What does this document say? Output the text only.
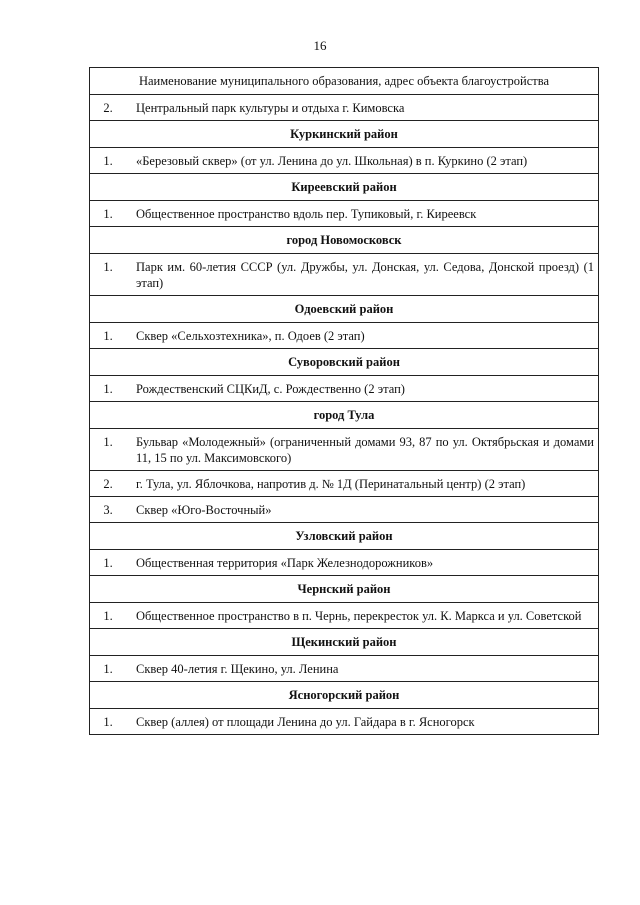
16
Наименование муниципального образования, адрес объекта благоустройства	
2.	Центральный парк культуры и отдыха г. Кимовска
Куркинский район	
1.	«Березовый сквер» (от ул. Ленина до ул. Школьная) в п. Куркино (2 этап)
Киреевский район	
1.	Общественное пространство вдоль пер. Тупиковый, г. Киреевск
город Новомосковск	
1.	Парк им. 60-летия СССР (ул. Дружбы, ул. Донская, ул. Седова, Донской проезд) (1 этап)
Одоевский район	
1.	Сквер «Сельхозтехника», п. Одоев (2 этап)
Суворовский район	
1.	Рождественский СЦКиД, с. Рождественно (2 этап)
город Тула	
1.	Бульвар «Молодежный» (ограниченный домами 93, 87 по ул. Октябрьская и домами 11, 15 по ул. Максимовского)
2.	г. Тула, ул. Яблочкова, напротив д. № 1Д (Перинатальный центр) (2 этап)
3.	Сквер «Юго-Восточный»
Узловский район	
1.	Общественная территория «Парк Железнодорожников»
Чернский район	
1.	Общественное пространство в п. Чернь, перекресток ул. К. Маркса и ул. Советской
Щекинский район	
1.	Сквер 40-летия г. Щекино, ул. Ленина
Ясногорский район	
1.	Сквер (аллея) от площади Ленина до ул. Гайдара в г. Ясногорск
